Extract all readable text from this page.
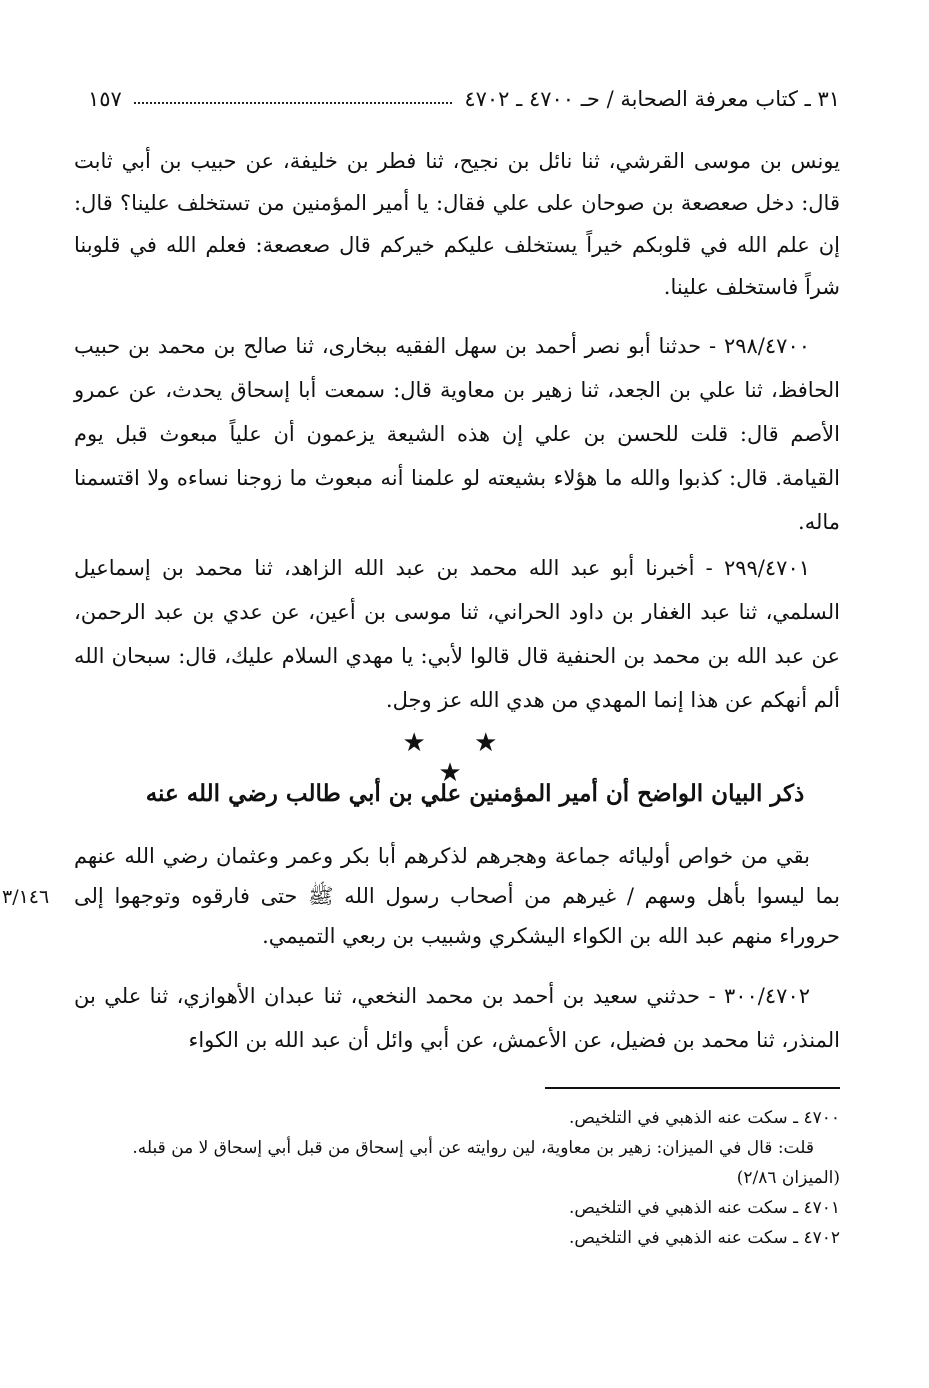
٣١ ـ كتاب معرفة الصحابة / حـ ٤٧٠٠ ـ ٤٧٠٢
١٥٧
يونس بن موسى القرشي، ثنا نائل بن نجيح، ثنا فطر بن خليفة، عن حبيب بن أبي ثابت قال: دخل صعصعة بن صوحان على علي فقال: يا أمير المؤمنين من تستخلف علينا؟ قال: إن علم الله في قلوبكم خيراً يستخلف عليكم خيركم قال صعصعة: فعلم الله في قلوبنا شراً فاستخلف علينا.
٢٩٨/٤٧٠٠ - حدثنا أبو نصر أحمد بن سهل الفقيه ببخارى، ثنا صالح بن محمد بن حبيب الحافظ، ثنا علي بن الجعد، ثنا زهير بن معاوية قال: سمعت أبا إسحاق يحدث، عن عمرو الأصم قال: قلت للحسن بن علي إن هذه الشيعة يزعمون أن علياً مبعوث قبل يوم القيامة. قال: كذبوا والله ما هؤلاء بشيعته لو علمنا أنه مبعوث ما زوجنا نساءه ولا اقتسمنا ماله.
٢٩٩/٤٧٠١ - أخبرنا أبو عبد الله محمد بن عبد الله الزاهد، ثنا محمد بن إسماعيل السلمي، ثنا عبد الغفار بن داود الحراني، ثنا موسى بن أعين، عن عدي بن عبد الرحمن، عن عبد الله بن محمد بن الحنفية قال قالوا لأبي: يا مهدي السلام عليك، قال: سبحان الله ألم أنهكم عن هذا إنما المهدي من هدي الله عز وجل.
★ ★ ★
ذكر البيان الواضح أن أمير المؤمنين علي بن أبي طالب رضي الله عنه
بقي من خواص أوليائه جماعة وهجرهم لذكرهم أبا بكر وعمر وعثمان رضي الله عنهم بما ليسوا بأهل وسهم / غيرهم من أصحاب رسول الله ﷺ حتى فارقوه وتوجهوا إلى حروراء منهم عبد الله بن الكواء اليشكري وشبيب بن ربعي التميمي.
٣/١٤٦
٣٠٠/٤٧٠٢ - حدثني سعيد بن أحمد بن محمد النخعي، ثنا عبدان الأهوازي، ثنا علي بن المنذر، ثنا محمد بن فضيل، عن الأعمش، عن أبي وائل أن عبد الله بن الكواء
٤٧٠٠ ـ سكت عنه الذهبي في التلخيص.
قلت: قال في الميزان: زهير بن معاوية، لين روايته عن أبي إسحاق من قبل أبي إسحاق لا من قبله.
(الميزان ٢/٨٦)
٤٧٠١ ـ سكت عنه الذهبي في التلخيص.
٤٧٠٢ ـ سكت عنه الذهبي في التلخيص.
